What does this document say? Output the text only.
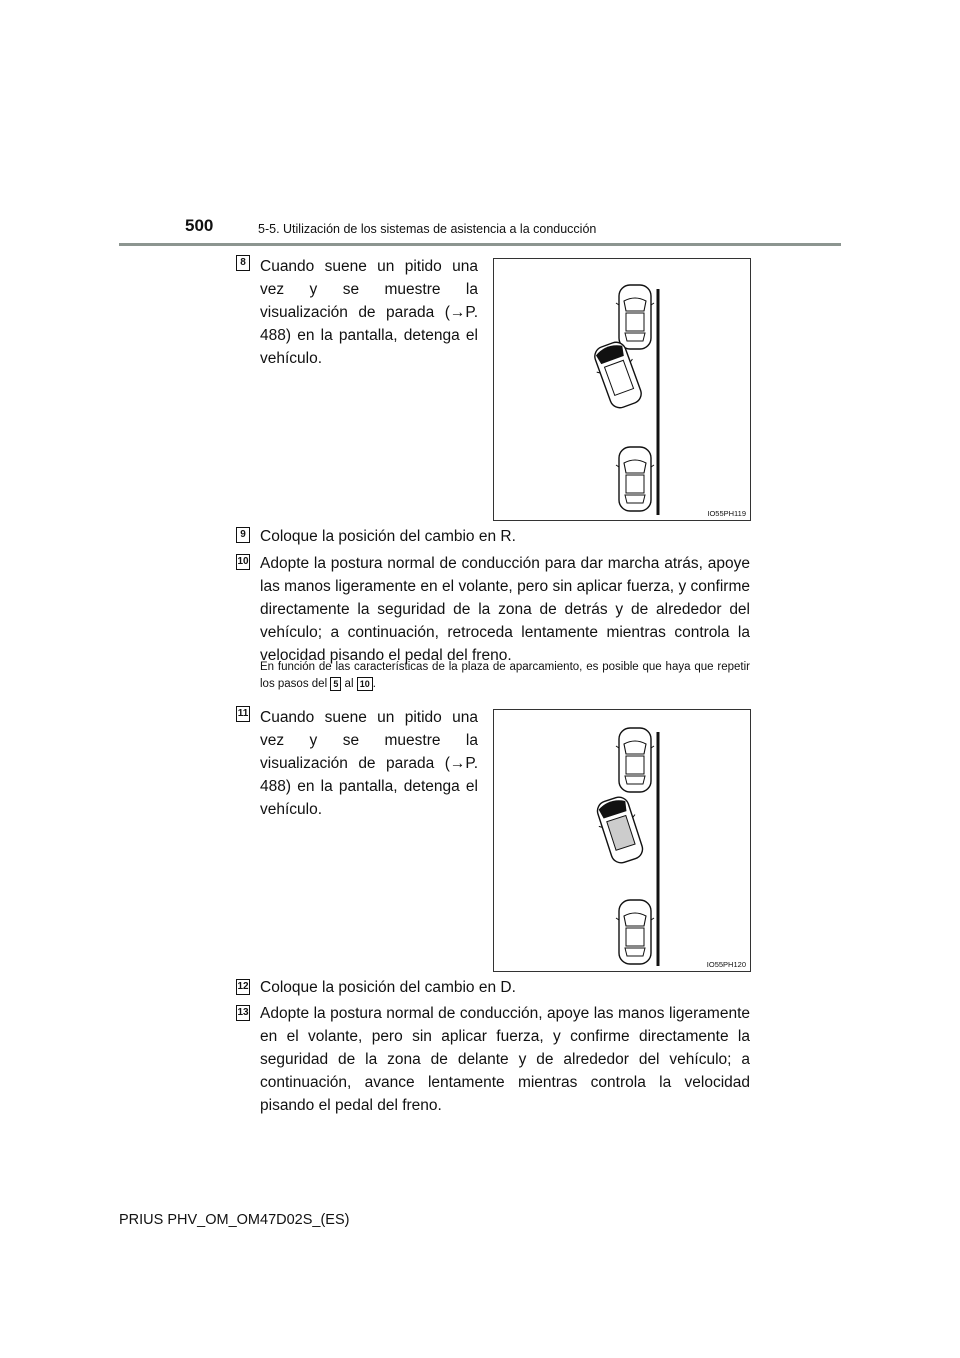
500	5-5. Utilización de los sistemas de asistencia a la conducción
8 Cuando suene un pitido una vez y se muestre la visualización de parada (→P. 488) en la pantalla, detenga el vehículo.
IO55PH119
9 Coloque la posición del cambio en R.
10 Adopte la postura normal de conducción para dar marcha atrás, apoye las manos ligeramente en el volante, pero sin aplicar fuerza, y confirme directamente la seguridad de la zona de detrás y de alrededor del vehículo; a continuación, retroceda lentamente mientras controla la velocidad pisando el pedal del freno.
En función de las características de la plaza de aparcamiento, es posible que haya que repetir los pasos del 5 al 10 .
11 Cuando suene un pitido una vez y se muestre la visualización de parada (→P. 488) en la pantalla, detenga el vehículo.
IO55PH120
12 Coloque la posición del cambio en D.
13 Adopte la postura normal de conducción, apoye las manos ligeramente en el volante, pero sin aplicar fuerza, y confirme directamente la seguridad de la zona de delante y de alrededor del vehículo; a continuación, avance lentamente mientras controla la velocidad pisando el pedal del freno.
PRIUS PHV_OM_OM47D02S_(ES)
